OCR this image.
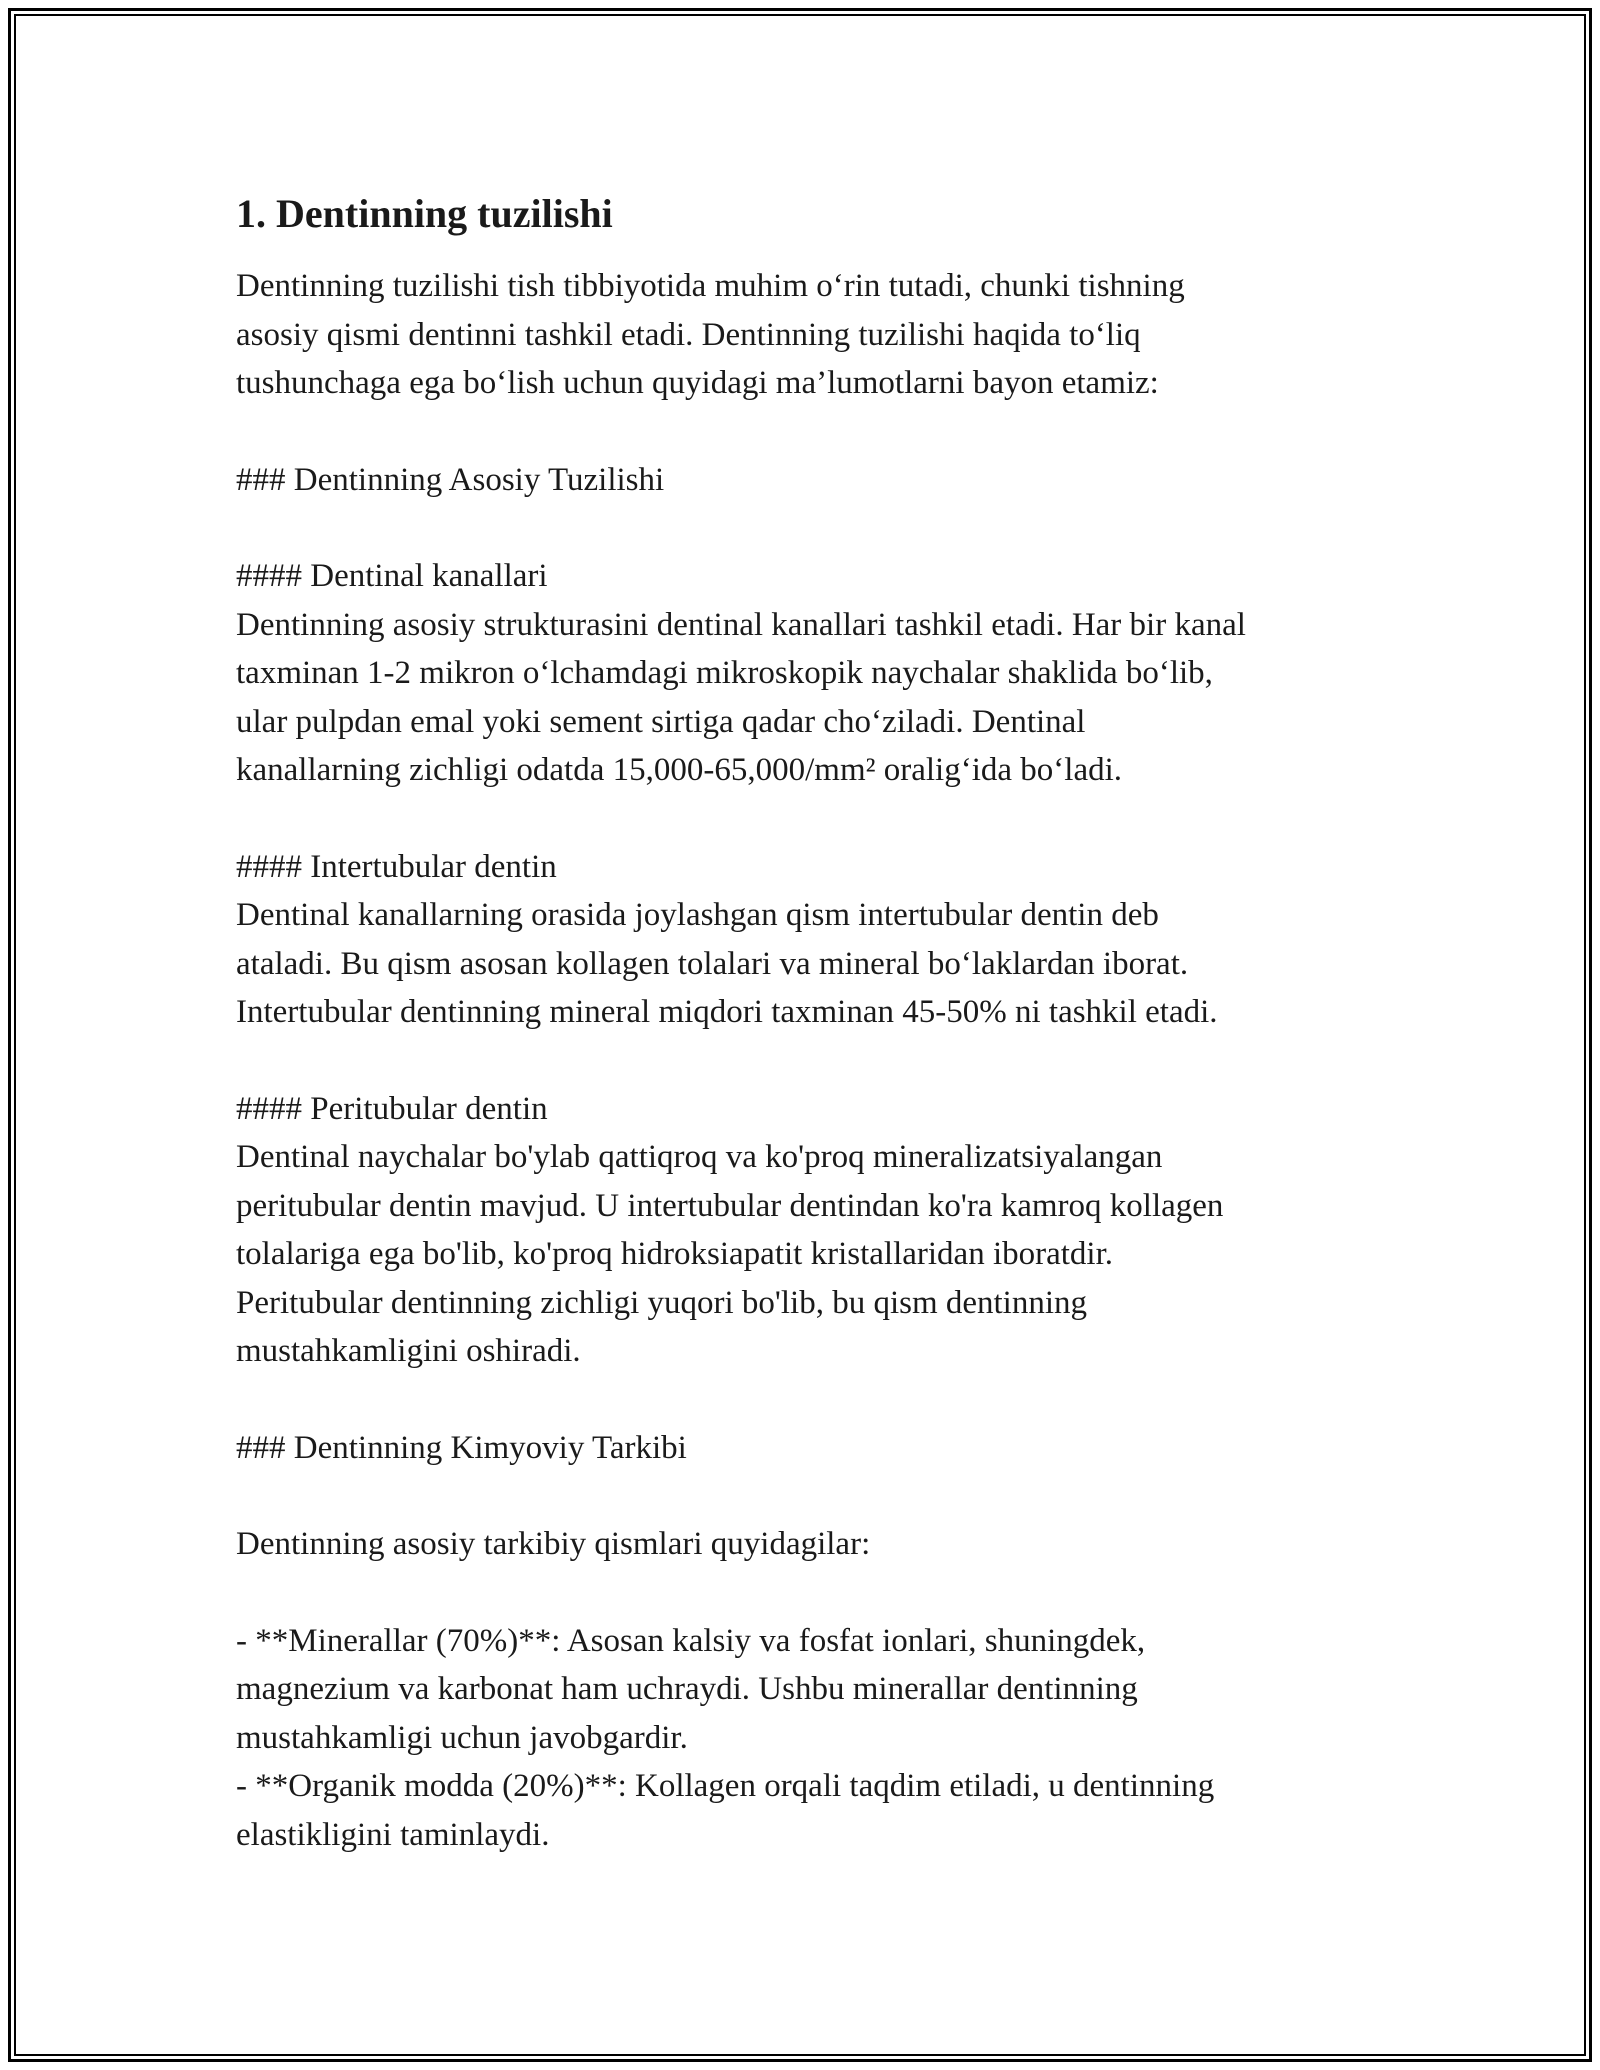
1. Dentinning tuzilishi
Dentinning tuzilishi tish tibbiyotida muhim o‘rin tutadi, chunki tishning
asosiy qismi dentinni tashkil etadi. Dentinning tuzilishi haqida to‘liq
tushunchaga ega bo‘lish uchun quyidagi ma’lumotlarni bayon etamiz:
### Dentinning Asosiy Tuzilishi
#### Dentinal kanallari
Dentinning asosiy strukturasini dentinal kanallari tashkil etadi. Har bir kanal
taxminan 1-2 mikron o‘lchamdagi mikroskopik naychalar shaklida bo‘lib,
ular pulpdan emal yoki sement sirtiga qadar cho‘ziladi. Dentinal
kanallarning zichligi odatda 15,000-65,000/mm² oralig‘ida bo‘ladi.
#### Intertubular dentin
Dentinal kanallarning orasida joylashgan qism intertubular dentin deb
ataladi. Bu qism asosan kollagen tolalari va mineral bo‘laklardan iborat.
Intertubular dentinning mineral miqdori taxminan 45-50% ni tashkil etadi.
#### Peritubular dentin
Dentinal naychalar bo'ylab qattiqroq va ko'proq mineralizatsiyalangan
peritubular dentin mavjud. U intertubular dentindan ko'ra kamroq kollagen
tolalariga ega bo'lib, ko'proq hidroksiapatit kristallaridan iboratdir.
Peritubular dentinning zichligi yuqori bo'lib, bu qism dentinning
mustahkamligini oshiradi.
### Dentinning Kimyoviy Tarkibi
Dentinning asosiy tarkibiy qismlari quyidagilar:
- **Minerallar (70%)**: Asosan kalsiy va fosfat ionlari, shuningdek,
magnezium va karbonat ham uchraydi. Ushbu minerallar dentinning
mustahkamligi uchun javobgardir.
- **Organik modda (20%)**: Kollagen orqali taqdim etiladi, u dentinning
elastikligini taminlaydi.
